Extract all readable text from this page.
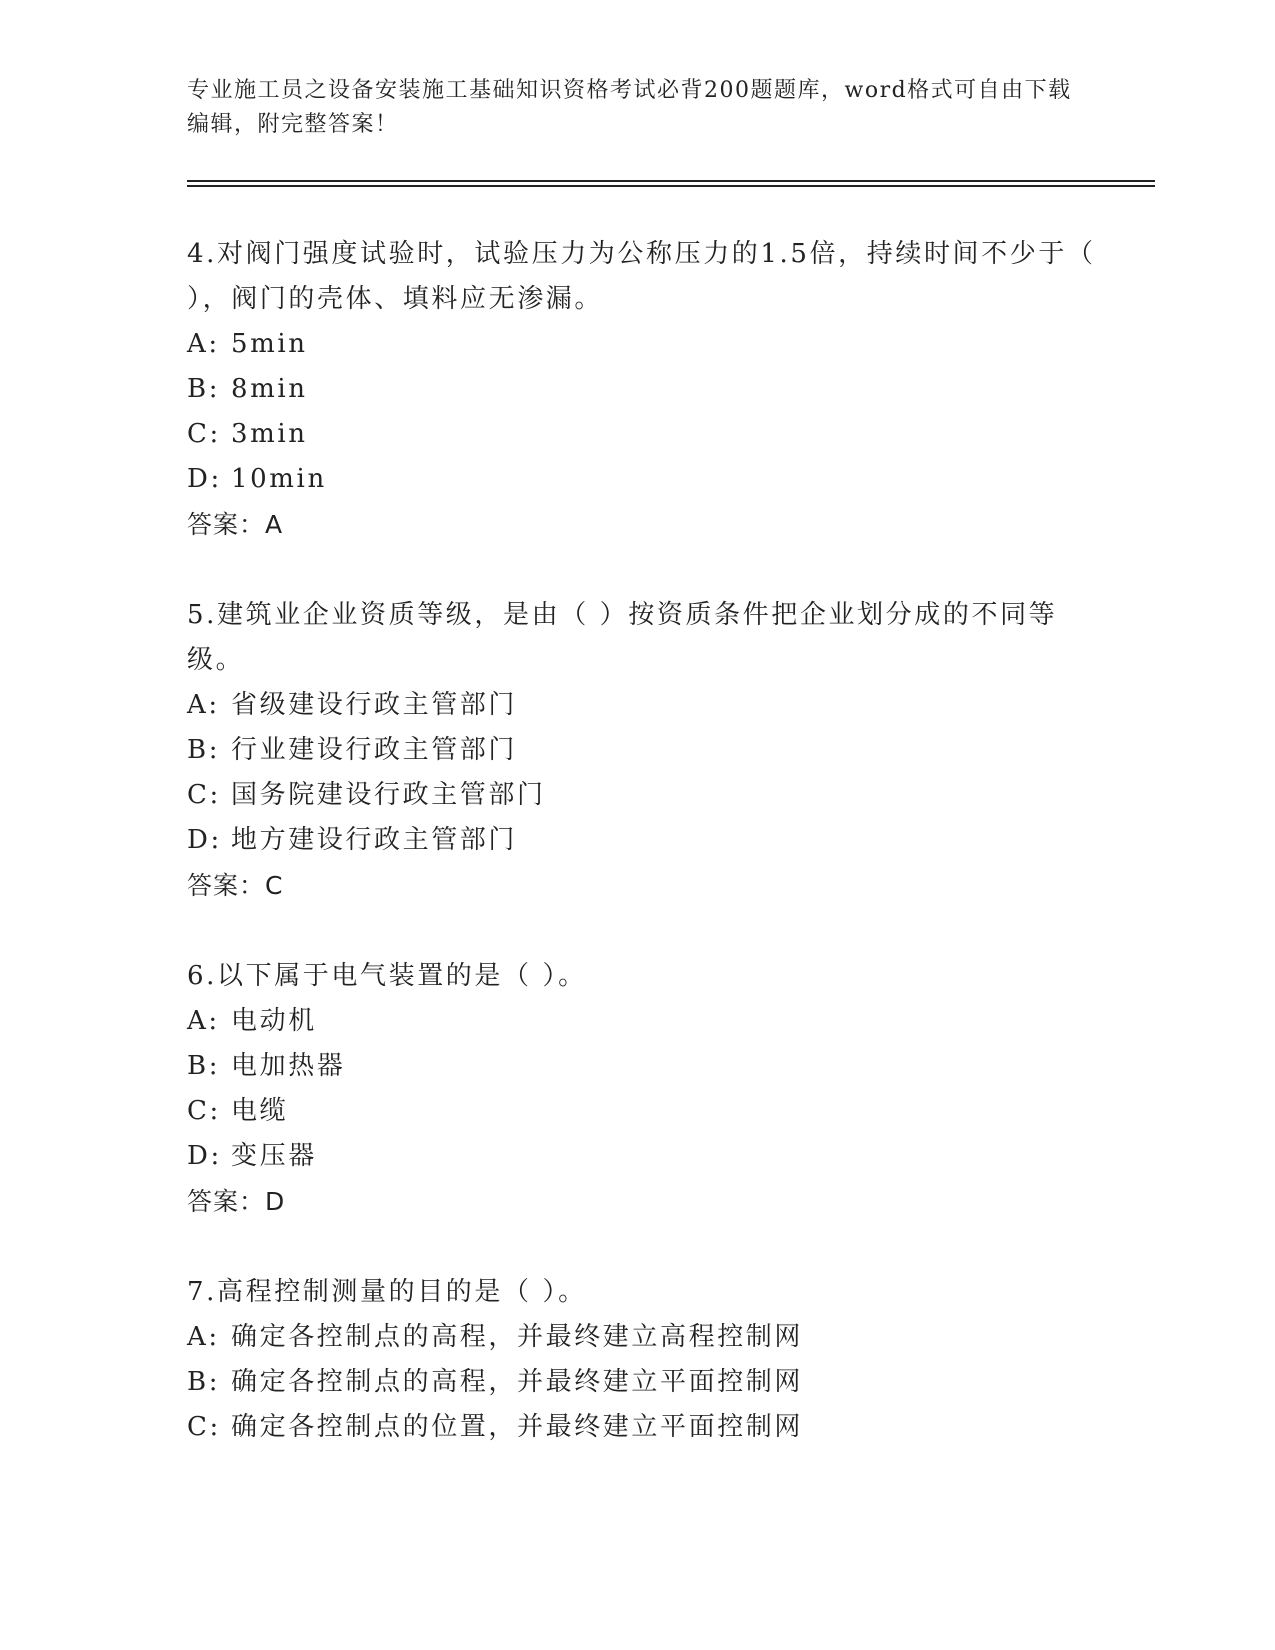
专业施工员之设备安装施工基础知识资格考试必背200题题库，word格式可自由下载编辑，附完整答案！

4.对阀门强度试验时，试验压力为公称压力的1.5倍，持续时间不少于（ ），阀门的壳体、填料应无渗漏。

A: 5min
B: 8min
C: 3min
D: 10min
答案：A

5.建筑业企业资质等级，是由（ ）按资质条件把企业划分成的不同等级。

A: 省级建设行政主管部门
B: 行业建设行政主管部门
C: 国务院建设行政主管部门
D: 地方建设行政主管部门
答案：C

6.以下属于电气装置的是（ ）。

A: 电动机
B: 电加热器
C: 电缆
D: 变压器
答案：D

7.高程控制测量的目的是（ ）。

A: 确定各控制点的高程，并最终建立高程控制网
B: 确定各控制点的高程，并最终建立平面控制网
C: 确定各控制点的位置，并最终建立平面控制网
